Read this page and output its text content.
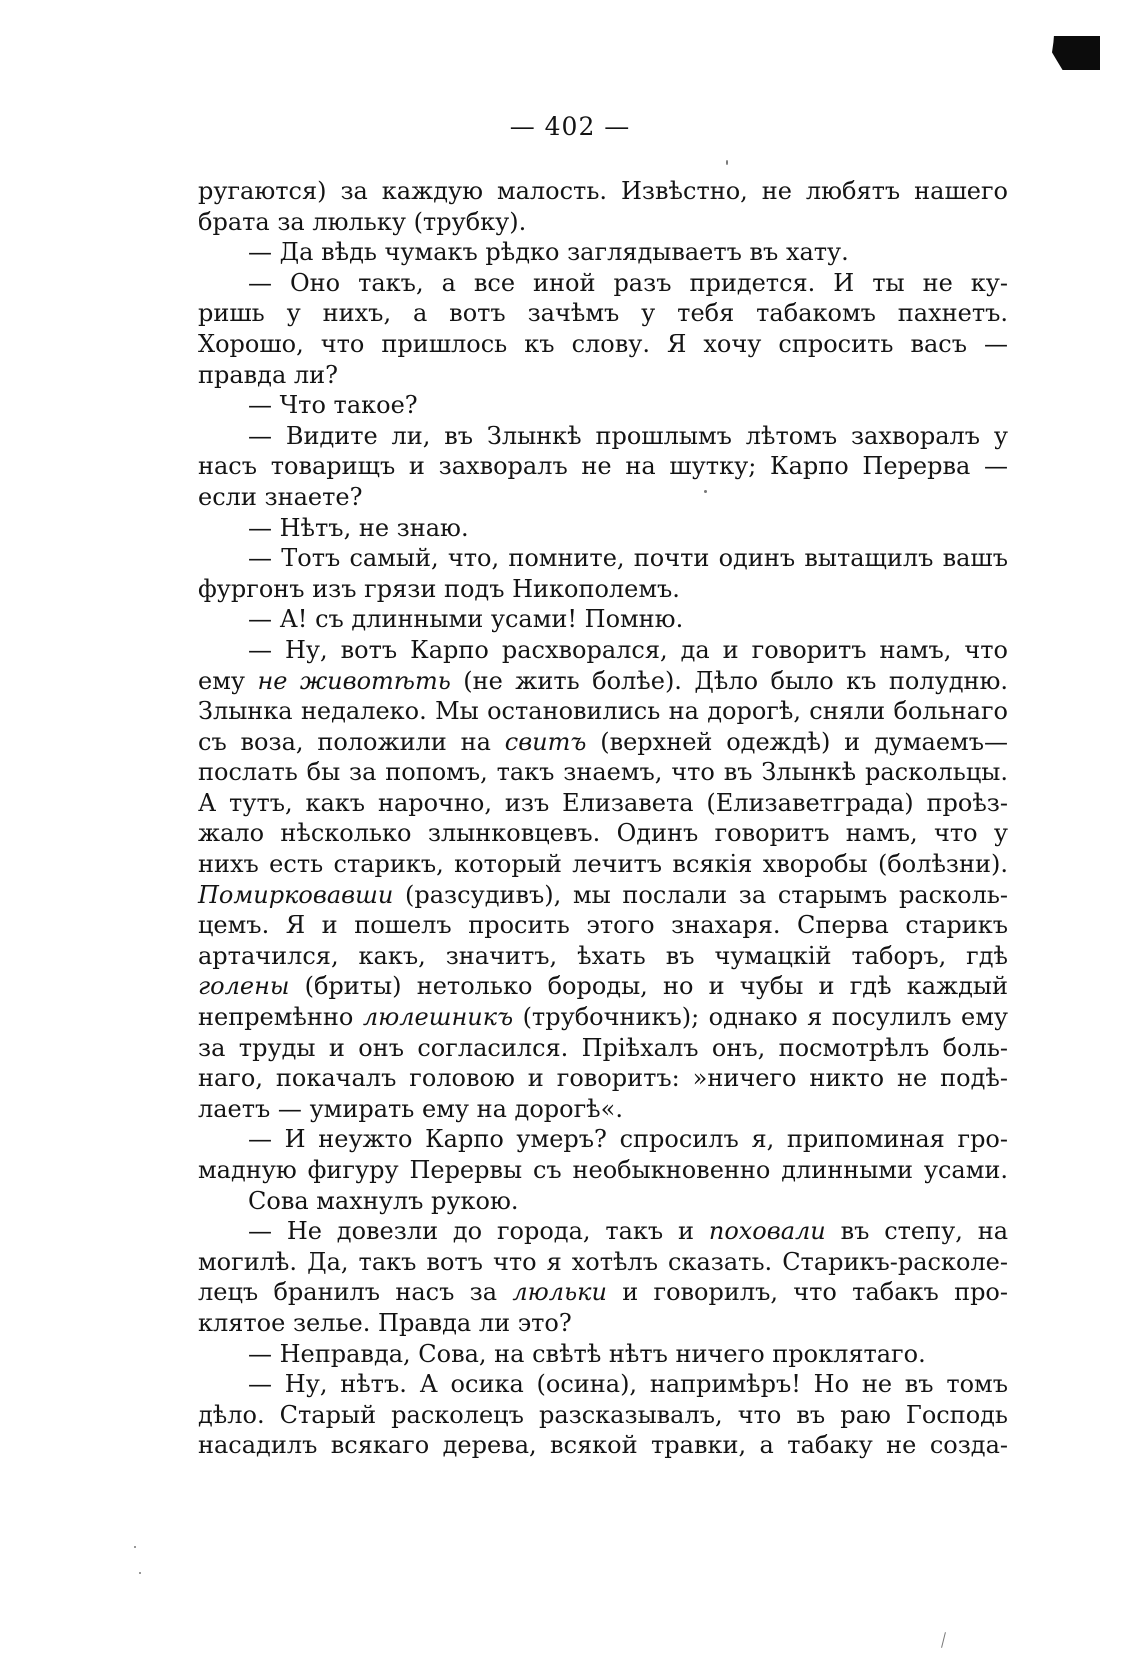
— 402 —
ругаются) за каждую малость. Извѣстно, не любятъ нашего
брата за люльку (трубку).
— Да вѣдь чумакъ рѣдко заглядываетъ въ хату.
— Оно такъ, а все иной разъ придется. И ты не ку-
ришь у нихъ, а вотъ зачѣмъ у тебя табакомъ пахнетъ.
Хорошо, что пришлось къ слову. Я хочу спросить васъ —
правда ли?
— Что такое?
— Видите ли, въ Злынкѣ прошлымъ лѣтомъ захворалъ у
насъ товарищъ и захворалъ не на шутку; Карпо Перерва —
если знаете?
— Нѣтъ, не знаю.
— Тотъ самый, что, помните, почти одинъ вытащилъ вашъ
фургонъ изъ грязи подъ Никополемъ.
— А! съ длинными усами! Помню.
— Ну, вотъ Карпо расхворался, да и говоритъ намъ, что
ему не животѣть (не жить болѣе). Дѣло было къ полудню.
Злынка недалеко. Мы остановились на дорогѣ, сняли больнаго
съ воза, положили на свитъ (верхней одеждѣ) и думаемъ—
послать бы за попомъ, такъ знаемъ, что въ Злынкѣ раскольцы.
А тутъ, какъ нарочно, изъ Елизавета (Елизаветграда) проѣз-
жало нѣсколько злынковцевъ. Одинъ говоритъ намъ, что у
нихъ есть старикъ, который лечитъ всякія хворобы (болѣзни).
Помирковавши (разсудивъ), мы послали за старымъ расколь-
цемъ. Я и пошелъ просить этого знахаря. Сперва старикъ
артачился, какъ, значитъ, ѣхать въ чумацкій таборъ, гдѣ
голены (бриты) нетолько бороды, но и чубы и гдѣ каждый
непремѣнно люлешникъ (трубочникъ); однако я посулилъ ему
за труды и онъ согласился. Пріѣхалъ онъ, посмотрѣлъ боль-
наго, покачалъ головою и говоритъ: »ничего никто не подѣ-
лаетъ — умирать ему на дорогѣ«.
— И неужто Карпо умеръ? спросилъ я, припоминая гро-
мадную фигуру Перервы съ необыкновенно длинными усами.
Сова махнулъ рукою.
— Не довезли до города, такъ и поховали въ степу, на
могилѣ. Да, такъ вотъ что я хотѣлъ сказать. Старикъ-расколе-
лецъ бранилъ насъ за люльки и говорилъ, что табакъ про-
клятое зелье. Правда ли это?
— Неправда, Сова, на свѣтѣ нѣтъ ничего проклятаго.
— Ну, нѣтъ. А осика (осина), напримѣръ! Но не въ томъ
дѣло. Старый расколецъ разсказывалъ, что въ раю Господь
насадилъ всякаго дерева, всякой травки, а табаку не созда-
